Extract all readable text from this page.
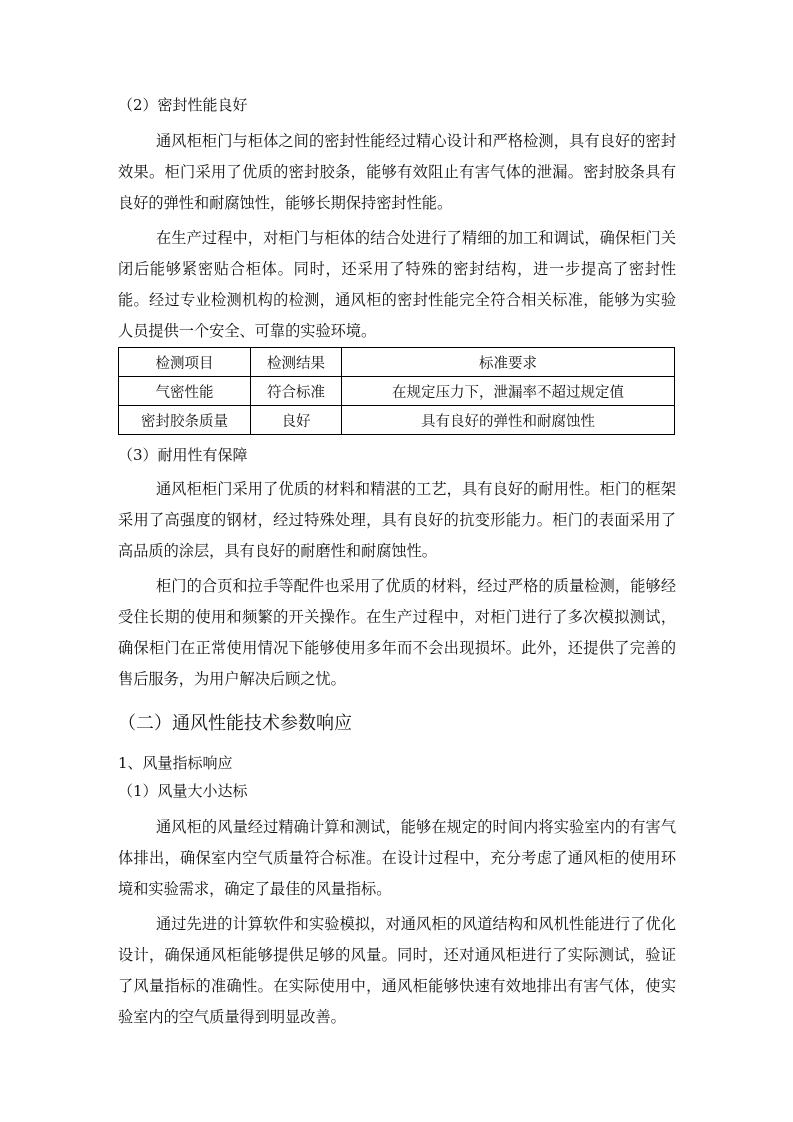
（2）密封性能良好

通风柜柜门与柜体之间的密封性能经过精心设计和严格检测，具有良好的密封效果。柜门采用了优质的密封胶条，能够有效阻止有害气体的泄漏。密封胶条具有良好的弹性和耐腐蚀性，能够长期保持密封性能。

在生产过程中，对柜门与柜体的结合处进行了精细的加工和调试，确保柜门关闭后能够紧密贴合柜体。同时，还采用了特殊的密封结构，进一步提高了密封性能。经过专业检测机构的检测，通风柜的密封性能完全符合相关标准，能够为实验人员提供一个安全、可靠的实验环境。

检测项目	检测结果	标准要求
气密性能	符合标准	在规定压力下，泄漏率不超过规定值
密封胶条质量	良好	具有良好的弹性和耐腐蚀性
（3）耐用性有保障

通风柜柜门采用了优质的材料和精湛的工艺，具有良好的耐用性。柜门的框架采用了高强度的钢材，经过特殊处理，具有良好的抗变形能力。柜门的表面采用了高品质的涂层，具有良好的耐磨性和耐腐蚀性。

柜门的合页和拉手等配件也采用了优质的材料，经过严格的质量检测，能够经受住长期的使用和频繁的开关操作。在生产过程中，对柜门进行了多次模拟测试，确保柜门在正常使用情况下能够使用多年而不会出现损坏。此外，还提供了完善的售后服务，为用户解决后顾之忧。

（二）通风性能技术参数响应
1、风量指标响应
（1）风量大小达标

通风柜的风量经过精确计算和测试，能够在规定的时间内将实验室内的有害气体排出，确保室内空气质量符合标准。在设计过程中，充分考虑了通风柜的使用环境和实验需求，确定了最佳的风量指标。

通过先进的计算软件和实验模拟，对通风柜的风道结构和风机性能进行了优化设计，确保通风柜能够提供足够的风量。同时，还对通风柜进行了实际测试，验证了风量指标的准确性。在实际使用中，通风柜能够快速有效地排出有害气体，使实验室内的空气质量得到明显改善。
